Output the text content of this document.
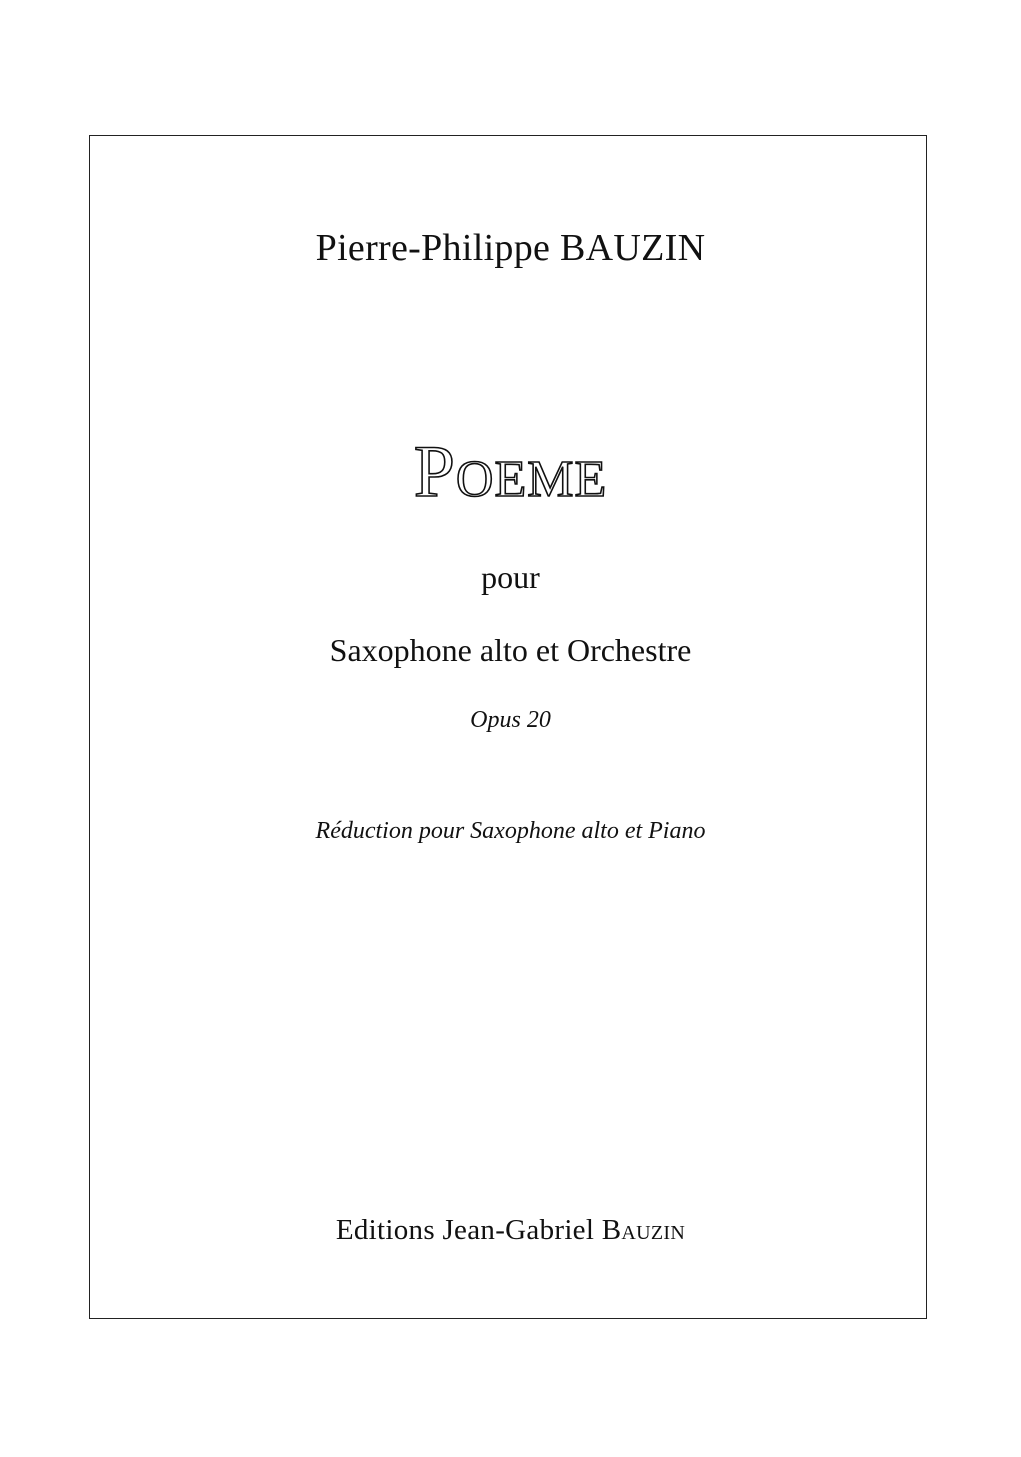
Pierre-Philippe BAUZIN
Poeme
pour
Saxophone alto et Orchestre
Opus 20
Réduction pour Saxophone alto et Piano
Editions Jean-Gabriel Bauzin
